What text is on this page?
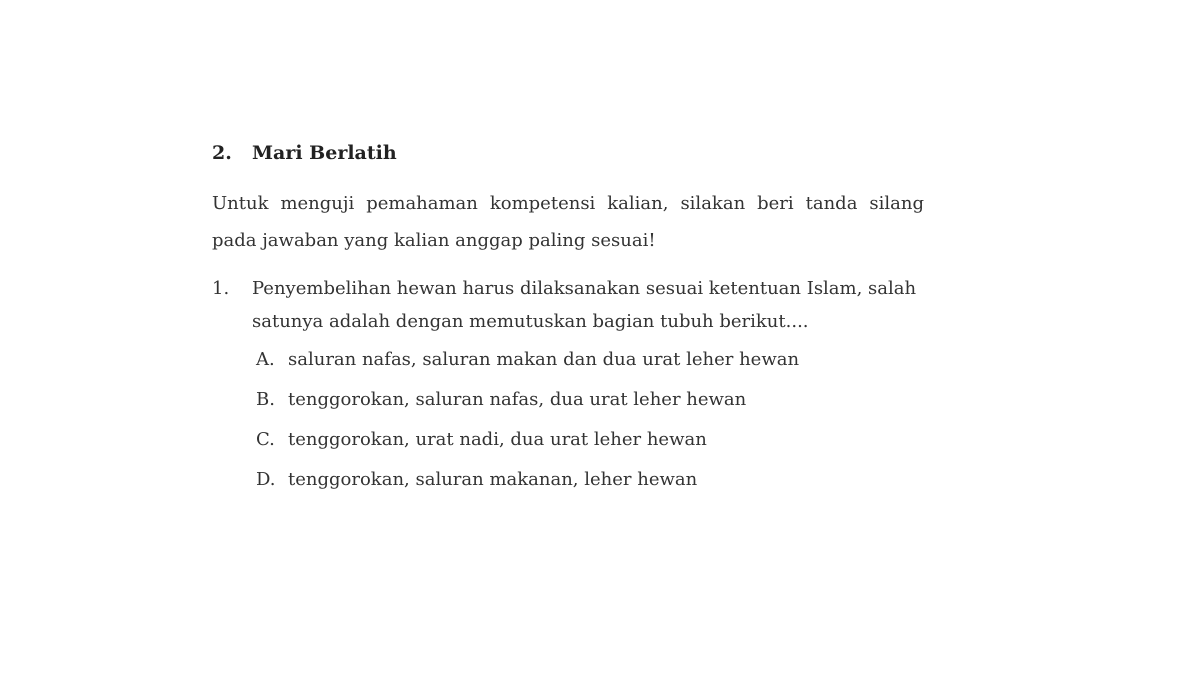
2. Mari Berlatih
Untuk menguji pemahaman kompetensi kalian, silakan beri tanda silang pada jawaban yang kalian anggap paling sesuai!
1. Penyembelihan hewan harus dilaksanakan sesuai ketentuan Islam, salah
satunya adalah dengan memutuskan bagian tubuh berikut....
A. saluran nafas, saluran makan dan dua urat leher hewan
B. tenggorokan, saluran nafas, dua urat leher hewan
C. tenggorokan, urat nadi, dua urat leher hewan
D. tenggorokan, saluran makanan, leher hewan
